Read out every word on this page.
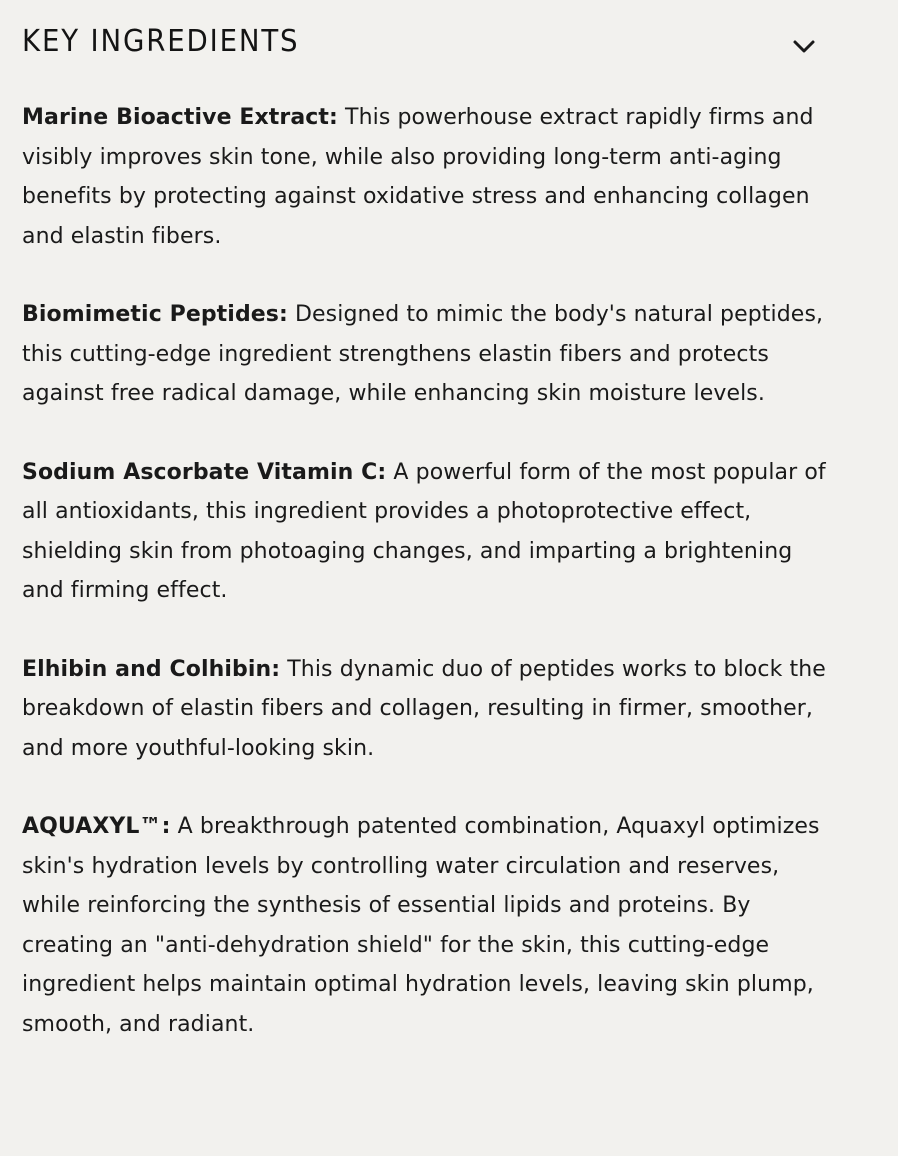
KEY INGREDIENTS

Marine Bioactive Extract: This powerhouse extract rapidly firms and visibly improves skin tone, while also providing long-term anti-aging benefits by protecting against oxidative stress and enhancing collagen and elastin fibers.

Biomimetic Peptides: Designed to mimic the body's natural peptides, this cutting-edge ingredient strengthens elastin fibers and protects against free radical damage, while enhancing skin moisture levels.

Sodium Ascorbate Vitamin C: A powerful form of the most popular of all antioxidants, this ingredient provides a photoprotective effect, shielding skin from photoaging changes, and imparting a brightening and firming effect.

Elhibin and Colhibin: This dynamic duo of peptides works to block the breakdown of elastin fibers and collagen, resulting in firmer, smoother, and more youthful-looking skin.

AQUAXYL™: A breakthrough patented combination, Aquaxyl optimizes skin's hydration levels by controlling water circulation and reserves, while reinforcing the synthesis of essential lipids and proteins. By creating an "anti-dehydration shield" for the skin, this cutting-edge ingredient helps maintain optimal hydration levels, leaving skin plump, smooth, and radiant.
